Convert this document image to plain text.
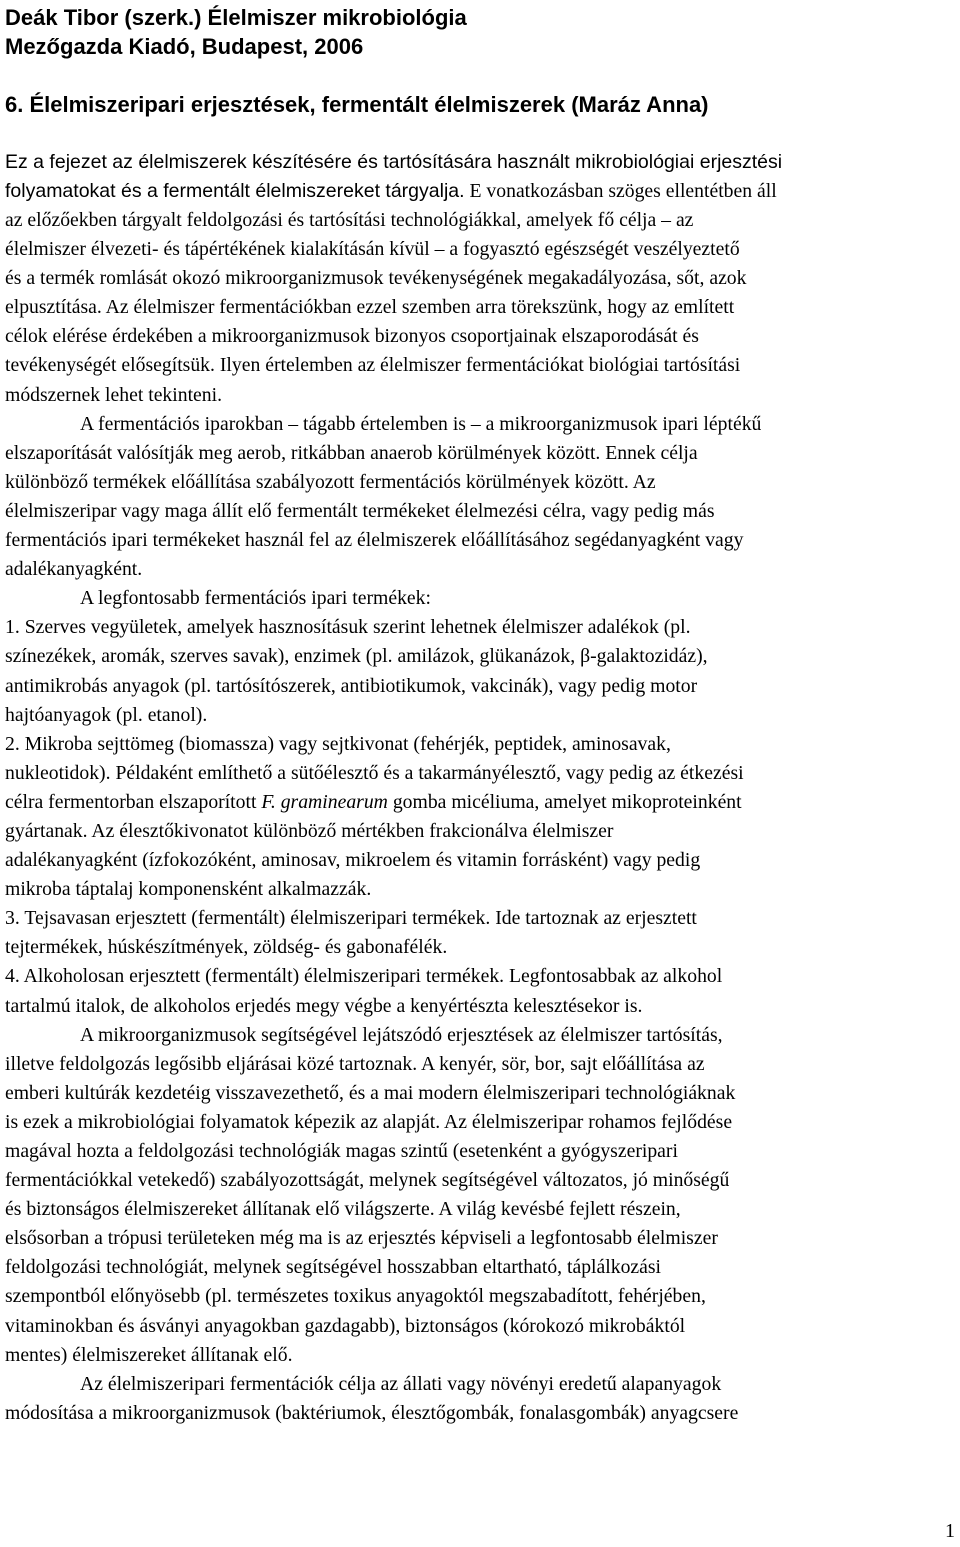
Deák Tibor (szerk.) Élelmiszer mikrobiológia
Mezőgazda Kiadó, Budapest, 2006
6. Élelmiszeripari erjesztések, fermentált élelmiszerek (Maráz Anna)
Ez a fejezet az élelmiszerek készítésére és tartósítására használt mikrobiológiai erjesztési
folyamatokat és a fermentált élelmiszereket tárgyalja. E vonatkozásban szöges ellentétben áll
az előzőekben tárgyalt feldolgozási és tartósítási technológiákkal, amelyek fő célja – az
élelmiszer élvezeti- és tápértékének kialakításán kívül – a fogyasztó egészségét veszélyeztető
és a termék romlását okozó mikroorganizmusok tevékenységének megakadályozása, sőt, azok
elpusztítása. Az élelmiszer fermentációkban ezzel szemben arra törekszünk, hogy az említett
célok elérése érdekében a mikroorganizmusok bizonyos csoportjainak elszaporodását és
tevékenységét elősegítsük. Ilyen értelemben az élelmiszer fermentációkat biológiai tartósítási
módszernek lehet tekinteni.
A fermentációs iparokban – tágabb értelemben is – a mikroorganizmusok ipari léptékű
elszaporítását valósítják meg aerob, ritkábban anaerob körülmények között. Ennek célja
különböző termékek előállítása szabályozott fermentációs körülmények között. Az
élelmiszeripar vagy maga állít elő fermentált termékeket élelmezési célra, vagy pedig más
fermentációs ipari termékeket használ fel az élelmiszerek előállításához segédanyagként vagy
adalékanyagként.
A legfontosabb fermentációs ipari termékek:
1. Szerves vegyületek, amelyek hasznosításuk szerint lehetnek élelmiszer adalékok (pl.
színezékek, aromák, szerves savak), enzimek (pl. amilázok, glükanázok, β-galaktozidáz),
antimikrobás anyagok (pl. tartósítószerek, antibiotikumok, vakcinák), vagy pedig motor
hajtóanyagok (pl. etanol).
2. Mikroba sejttömeg (biomassza) vagy sejtkivonat (fehérjék, peptidek, aminosavak,
nukleotidok). Példaként említhető a sütőélesztő és a takarmányélesztő, vagy pedig az étkezési
célra fermentorban elszaporított F. graminearum gomba micéliuma, amelyet mikoproteinként
gyártanak. Az élesztőkivonatot különböző mértékben frakcionálva élelmiszer
adalékanyagként (ízfokozóként, aminosav, mikroelem és vitamin forrásként) vagy pedig
mikroba táptalaj komponensként alkalmazzák.
3. Tejsavasan erjesztett (fermentált) élelmiszeripari termékek. Ide tartoznak az erjesztett
tejtermékek, húskészítmények, zöldség- és gabonafélék.
4. Alkoholosan erjesztett (fermentált) élelmiszeripari termékek. Legfontosabbak az alkohol
tartalmú italok, de alkoholos erjedés megy végbe a kenyértészta kelesztésekor is.
A mikroorganizmusok segítségével lejátszódó erjesztések az élelmiszer tartósítás,
illetve feldolgozás legősibb eljárásai közé tartoznak. A kenyér, sör, bor, sajt előállítása az
emberi kultúrák kezdetéig visszavezethető, és a mai modern élelmiszeripari technológiáknak
is ezek a mikrobiológiai folyamatok képezik az alapját. Az élelmiszeripar rohamos fejlődése
magával hozta a feldolgozási technológiák magas szintű (esetenként a gyógyszeripari
fermentációkkal vetekedő) szabályozottságát, melynek segítségével változatos, jó minőségű
és biztonságos élelmiszereket állítanak elő világszerte. A világ kevésbé fejlett részein,
elsősorban a trópusi területeken még ma is az erjesztés képviseli a legfontosabb élelmiszer
feldolgozási technológiát, melynek segítségével hosszabban eltartható, táplálkozási
szempontból előnyösebb (pl. természetes toxikus anyagoktól megszabadított, fehérjében,
vitaminokban és ásványi anyagokban gazdagabb), biztonságos (kórokozó mikrobáktól
mentes) élelmiszereket állítanak elő.
Az élelmiszeripari fermentációk célja az állati vagy növényi eredetű alapanyagok
módosítása a mikroorganizmusok (baktériumok, élesztőgombák, fonalasgombák) anyagcsere
1
